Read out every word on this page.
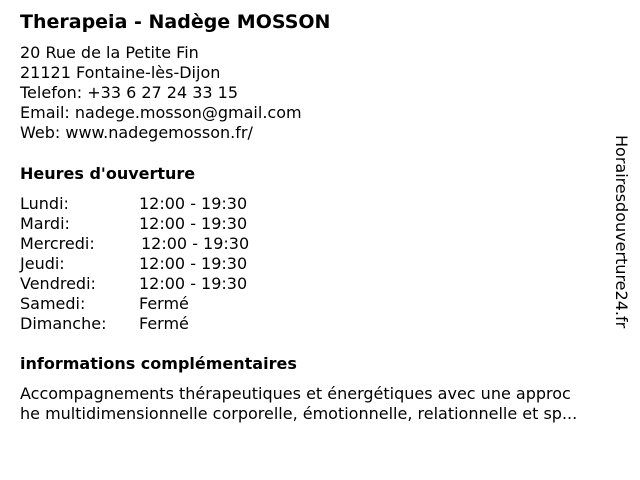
Therapeia - Nadège MOSSON
20 Rue de la Petite Fin
21121 Fontaine-lès-Dijon
Telefon: +33 6 27 24 33 15
Email: nadege.mosson@gmail.com
Web: www.nadegemosson.fr/
Heures d'ouverture
Lundi:	12:00 - 19:30
Mardi:	12:00 - 19:30
Mercredi:	12:00 - 19:30
Jeudi:	12:00 - 19:30
Vendredi:	12:00 - 19:30
Samedi:	Fermé
Dimanche: Fermé
informations complémentaires
Accompagnements thérapeutiques et énergétiques avec une approc
he multidimensionnelle corporelle, émotionnelle, relationnelle et sp...
Horairesdouverture24.fr
